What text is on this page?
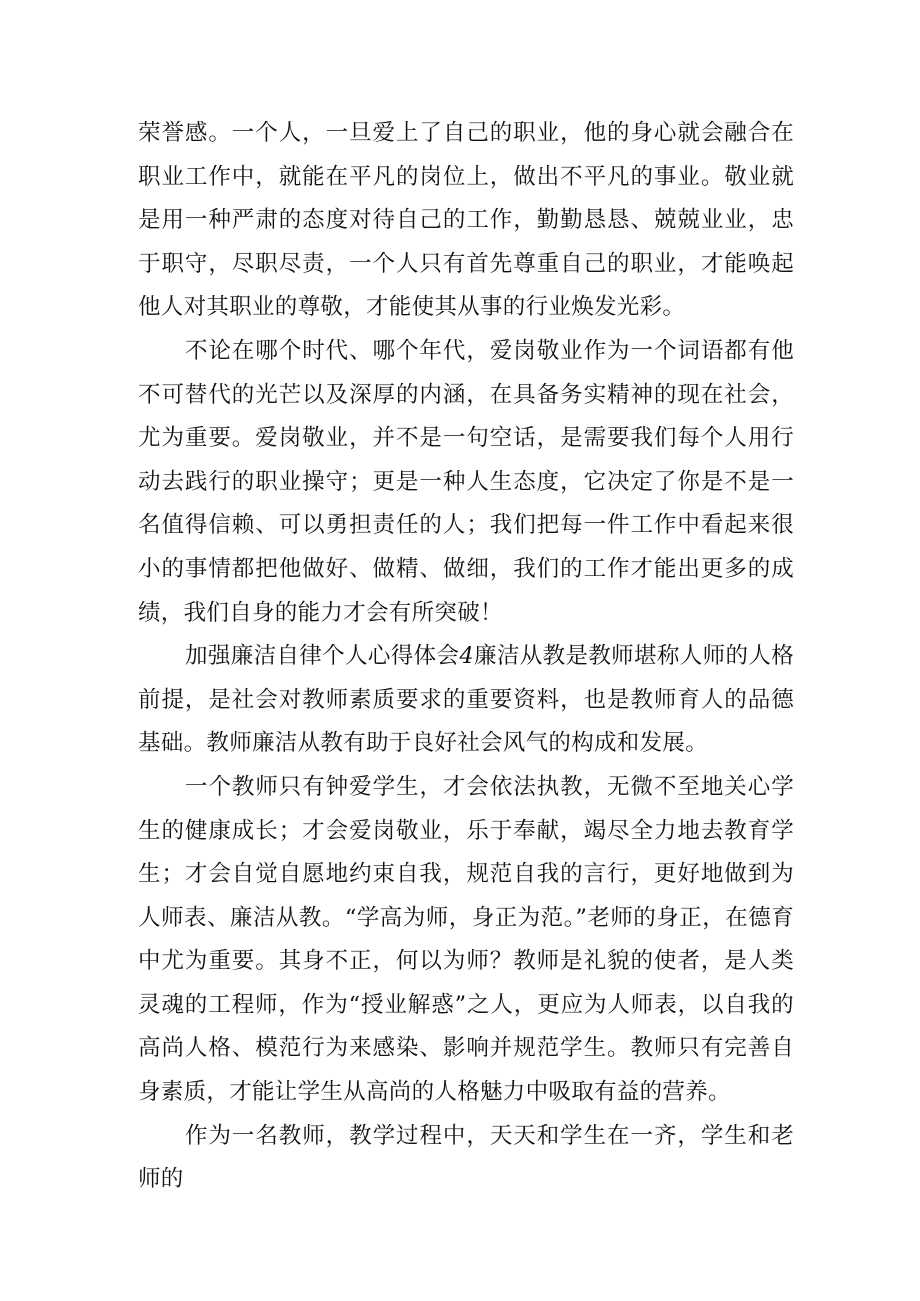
荣誉感。一个人，一旦爱上了自己的职业，他的身心就会融合在职业工作中，就能在平凡的岗位上，做出不平凡的事业。敬业就是用一种严肃的态度对待自己的工作，勤勤恳恳、兢兢业业，忠于职守，尽职尽责，一个人只有首先尊重自己的职业，才能唤起他人对其职业的尊敬，才能使其从事的行业焕发光彩。

不论在哪个时代、哪个年代，爱岗敬业作为一个词语都有他不可替代的光芒以及深厚的内涵，在具备务实精神的现在社会，尤为重要。爱岗敬业，并不是一句空话，是需要我们每个人用行动去践行的职业操守；更是一种人生态度，它决定了你是不是一名值得信赖、可以勇担责任的人；我们把每一件工作中看起来很小的事情都把他做好、做精、做细，我们的工作才能出更多的成绩，我们自身的能力才会有所突破！

加强廉洁自律个人心得体会4廉洁从教是教师堪称人师的人格前提，是社会对教师素质要求的重要资料，也是教师育人的品德基础。教师廉洁从教有助于良好社会风气的构成和发展。

一个教师只有钟爱学生，才会依法执教，无微不至地关心学生的健康成长；才会爱岗敬业，乐于奉献，竭尽全力地去教育学生；才会自觉自愿地约束自我，规范自我的言行，更好地做到为人师表、廉洁从教。“学高为师，身正为范。”老师的身正，在德育中尤为重要。其身不正，何以为师？教师是礼貌的使者，是人类灵魂的工程师，作为“授业解惑”之人，更应为人师表，以自我的高尚人格、模范行为来感染、影响并规范学生。教师只有完善自身素质，才能让学生从高尚的人格魅力中吸取有益的营养。

作为一名教师，教学过程中，天天和学生在一齐，学生和老师的
